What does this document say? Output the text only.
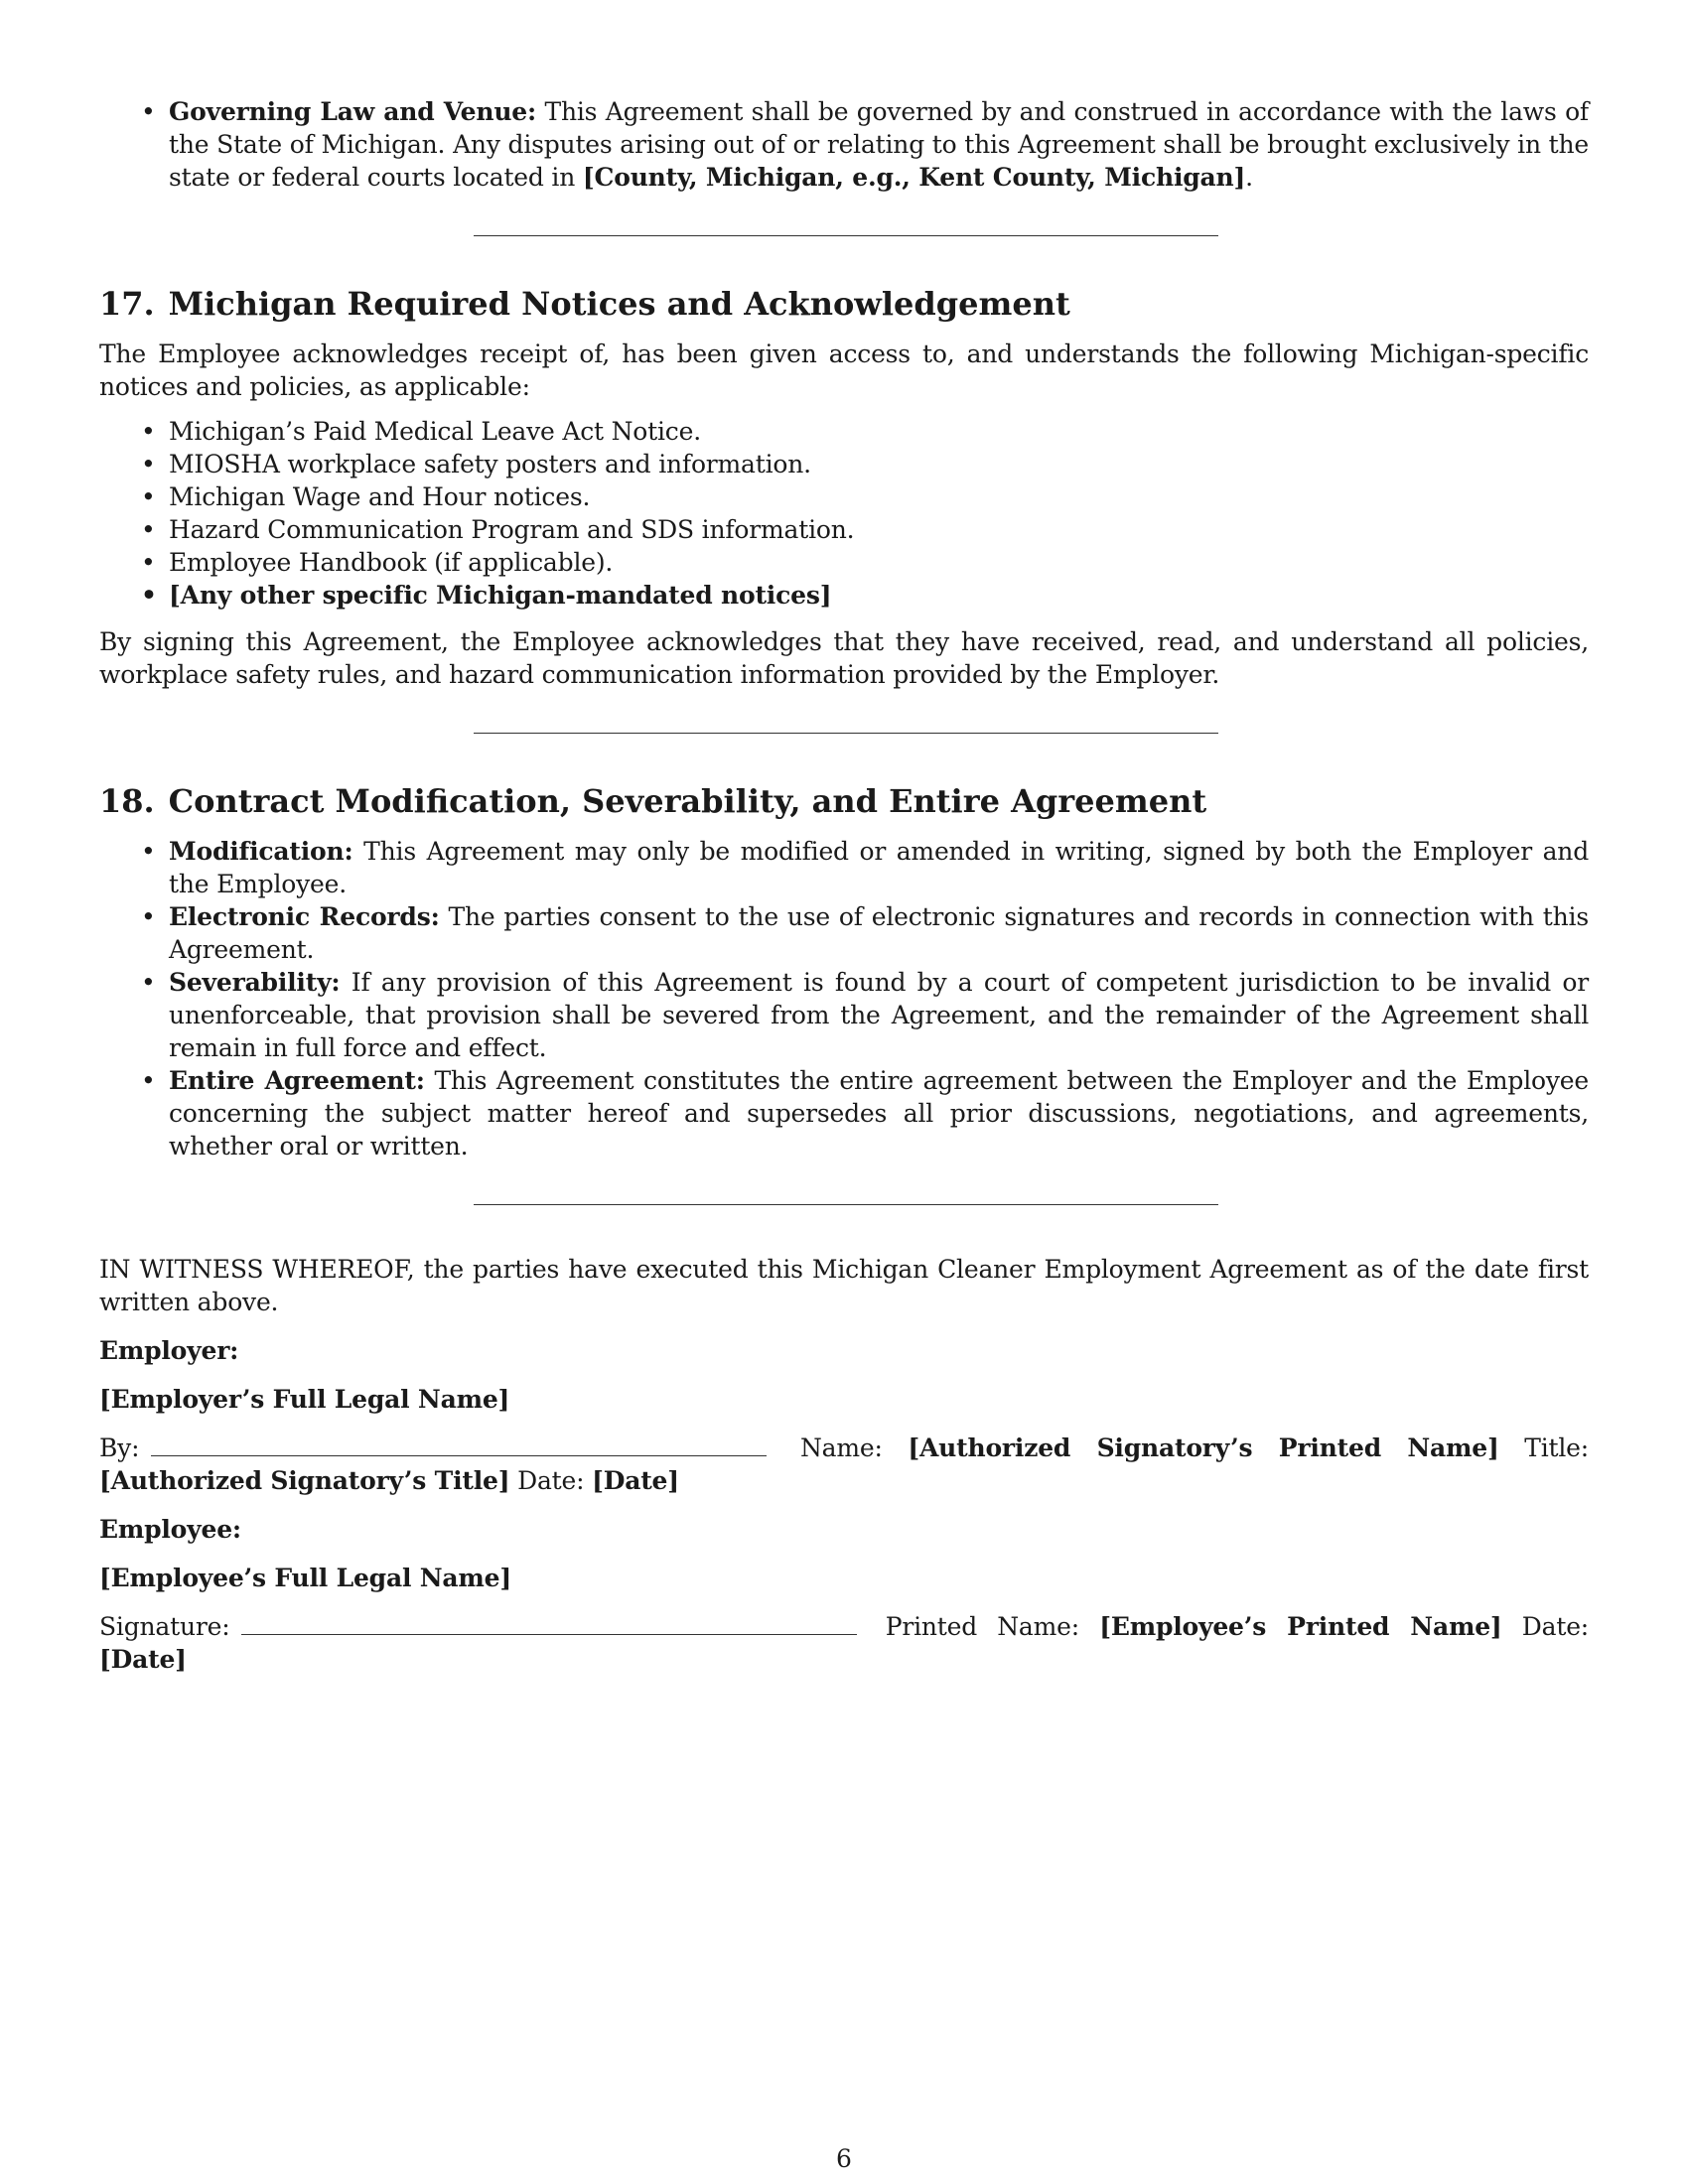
• Governing Law and Venue: This Agreement shall be governed by and construed in accordance with the laws of the State of Michigan. Any disputes arising out of or relating to this Agreement shall be brought exclusively in the state or federal courts located in [County, Michigan, e.g., Kent County, Michigan].
17. Michigan Required Notices and Acknowledgement

The Employee acknowledges receipt of, has been given access to, and understands the following Michigan-specific notices and policies, as applicable:

• Michigan’s Paid Medical Leave Act Notice.
• MIOSHA workplace safety posters and information.
• Michigan Wage and Hour notices.
• Hazard Communication Program and SDS information.
• Employee Handbook (if applicable).
• [Any other specific Michigan-mandated notices]

By signing this Agreement, the Employee acknowledges that they have received, read, and understand all policies, workplace safety rules, and hazard communication information provided by the Employer.

18. Contract Modification, Severability, and Entire Agreement
• Modification: This Agreement may only be modified or amended in writing, signed by both the Employer and the Employee.
• Electronic Records: The parties consent to the use of electronic signatures and records in connection with this Agreement.
• Severability: If any provision of this Agreement is found by a court of competent jurisdiction to be invalid or unenforceable, that provision shall be severed from the Agreement, and the remainder of the Agreement shall remain in full force and effect.
• Entire Agreement: This Agreement constitutes the entire agreement between the Employer and the Employee concerning the subject matter hereof and supersedes all prior discussions, negotiations, and agreements, whether oral or written.

IN WITNESS WHEREOF, the parties have executed this Michigan Cleaner Employment Agreement as of the date first written above.

Employer:

[Employer’s Full Legal Name]

By:	Name: [Authorized Signatory’s Printed Name] Title: [Authorized Signatory’s Title] Date: [Date]

Employee:

[Employee’s Full Legal Name]

Signature:	Printed Name: [Employee’s Printed Name] Date: [Date]

6
